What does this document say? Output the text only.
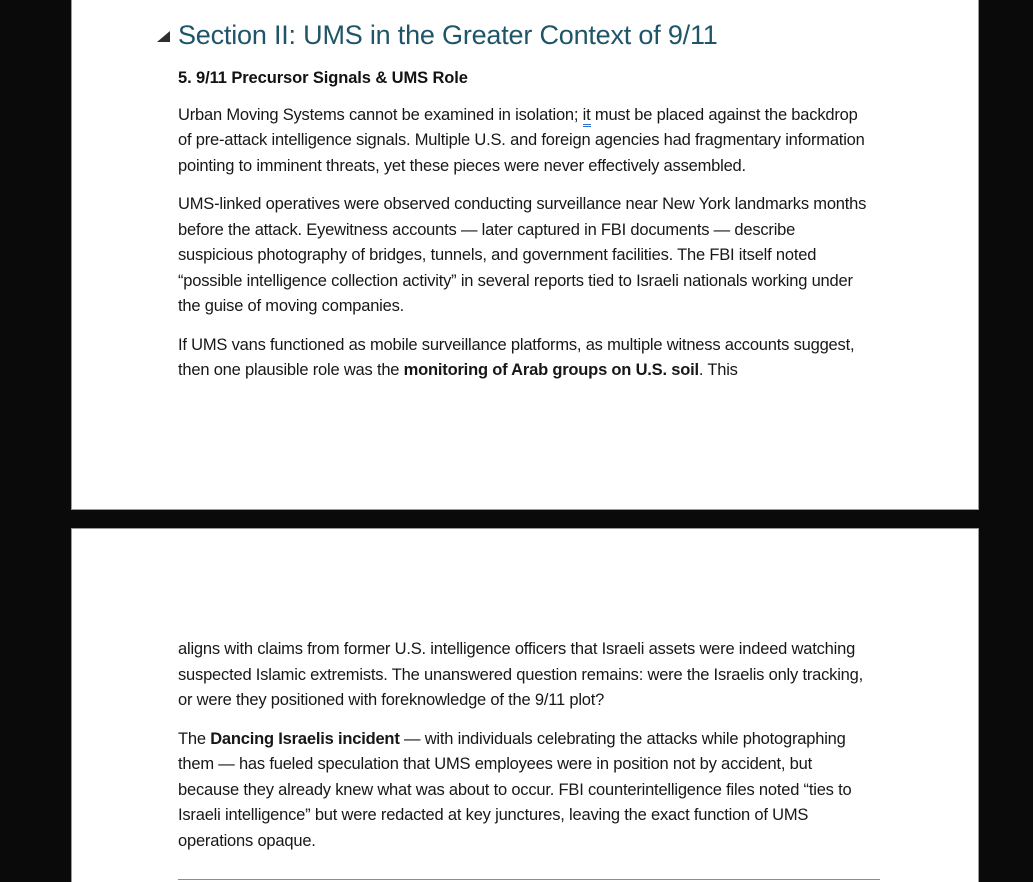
Section II: UMS in the Greater Context of 9/11
5. 9/11 Precursor Signals & UMS Role

Urban Moving Systems cannot be examined in isolation; it must be placed against the backdrop of pre-attack intelligence signals. Multiple U.S. and foreign agencies had fragmentary information pointing to imminent threats, yet these pieces were never effectively assembled.

UMS-linked operatives were observed conducting surveillance near New York landmarks months before the attack. Eyewitness accounts — later captured in FBI documents — describe suspicious photography of bridges, tunnels, and government facilities. The FBI itself noted “possible intelligence collection activity” in several reports tied to Israeli nationals working under the guise of moving companies.

If UMS vans functioned as mobile surveillance platforms, as multiple witness accounts suggest, then one plausible role was the monitoring of Arab groups on U.S. soil. This

aligns with claims from former U.S. intelligence officers that Israeli assets were indeed watching suspected Islamic extremists. The unanswered question remains: were the Israelis only tracking, or were they positioned with foreknowledge of the 9/11 plot?

The Dancing Israelis incident — with individuals celebrating the attacks while photographing them — has fueled speculation that UMS employees were in position not by accident, but because they already knew what was about to occur. FBI counterintelligence files noted “ties to Israeli intelligence” but were redacted at key junctures, leaving the exact function of UMS operations opaque.
